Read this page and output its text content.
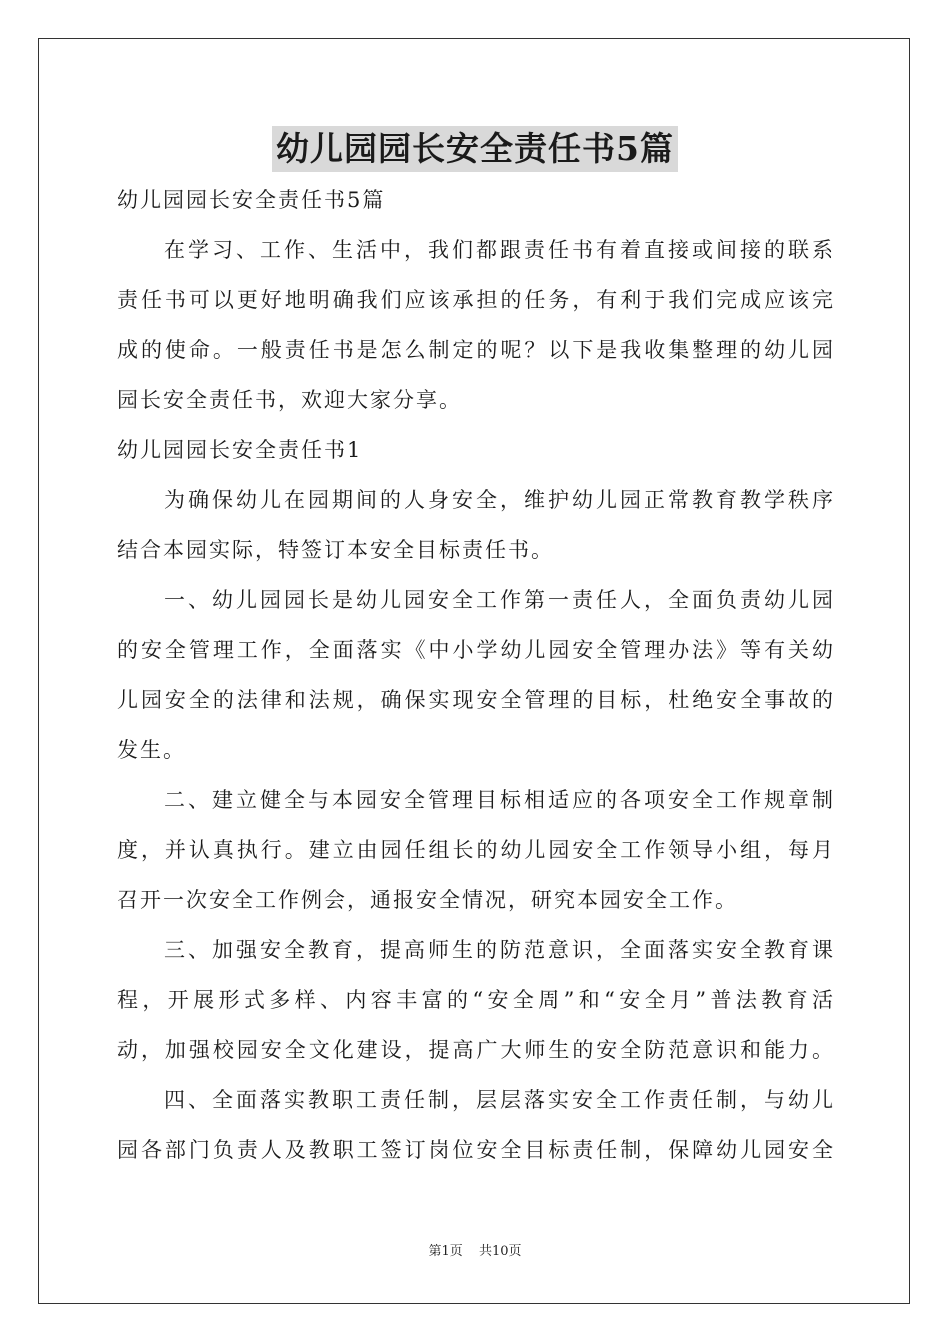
幼儿园园长安全责任书5篇
幼儿园园长安全责任书5篇
在学习、工作、生活中，我们都跟责任书有着直接或间接的联系
责任书可以更好地明确我们应该承担的任务，有利于我们完成应该完
成的使命。一般责任书是怎么制定的呢？以下是我收集整理的幼儿园
园长安全责任书，欢迎大家分享。
幼儿园园长安全责任书1
为确保幼儿在园期间的人身安全，维护幼儿园正常教育教学秩序
结合本园实际，特签订本安全目标责任书。
一、幼儿园园长是幼儿园安全工作第一责任人，全面负责幼儿园
的安全管理工作，全面落实《中小学幼儿园安全管理办法》等有关幼
儿园安全的法律和法规，确保实现安全管理的目标，杜绝安全事故的
发生。
二、建立健全与本园安全管理目标相适应的各项安全工作规章制
度，并认真执行。建立由园任组长的幼儿园安全工作领导小组，每月
召开一次安全工作例会，通报安全情况，研究本园安全工作。
三、加强安全教育，提高师生的防范意识，全面落实安全教育课
程，开展形式多样、内容丰富的“安全周”和“安全月”普法教育活
动，加强校园安全文化建设，提高广大师生的安全防范意识和能力。
四、全面落实教职工责任制，层层落实安全工作责任制，与幼儿
园各部门负责人及教职工签订岗位安全目标责任制，保障幼儿园安全
第1页 共10页
